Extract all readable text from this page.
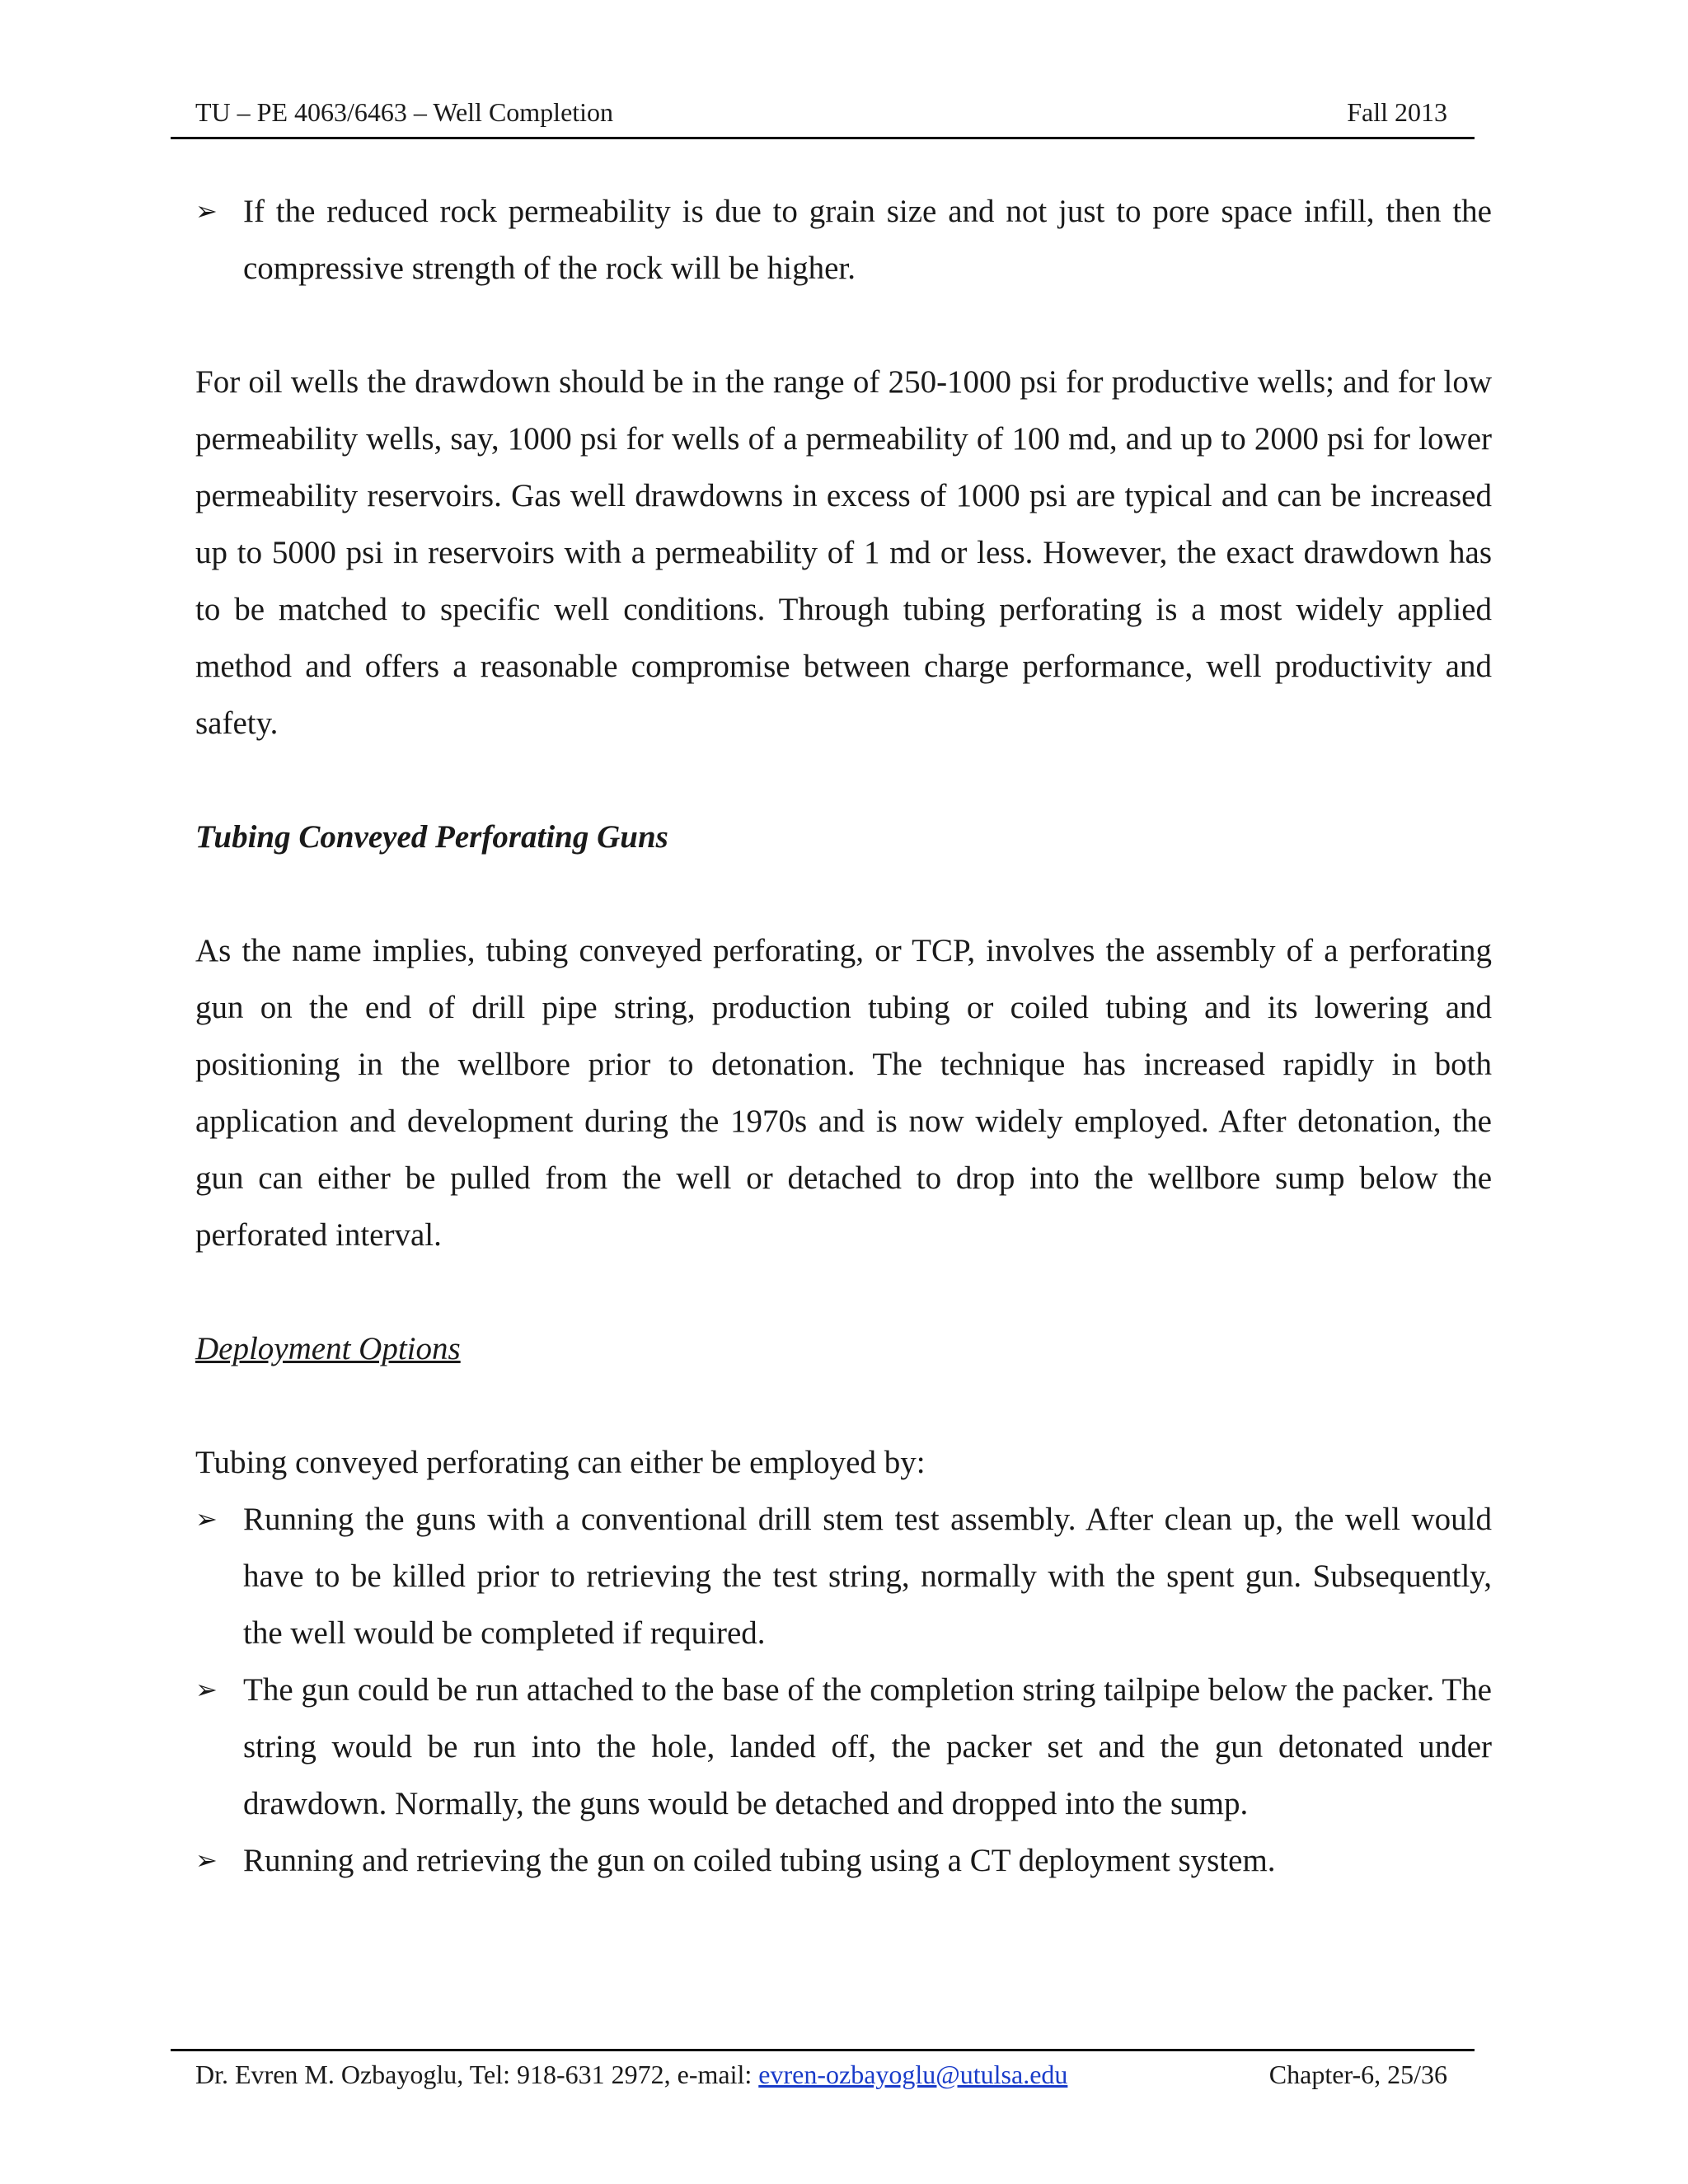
TU – PE 4063/6463 – Well Completion	Fall 2013
➢ If the reduced rock permeability is due to grain size and not just to pore space infill, then the compressive strength of the rock will be higher.

For oil wells the drawdown should be in the range of 250-1000 psi for productive wells; and for low permeability wells, say, 1000 psi for wells of a permeability of 100 md, and up to 2000 psi for lower permeability reservoirs. Gas well drawdowns in excess of 1000 psi are typical and can be increased up to 5000 psi in reservoirs with a permeability of 1 md or less. However, the exact drawdown has to be matched to specific well conditions. Through tubing perforating is a most widely applied method and offers a reasonable compromise between charge performance, well productivity and safety.

Tubing Conveyed Perforating Guns

As the name implies, tubing conveyed perforating, or TCP, involves the assembly of a perforating gun on the end of drill pipe string, production tubing or coiled tubing and its lowering and positioning in the wellbore prior to detonation. The technique has increased rapidly in both application and development during the 1970s and is now widely employed. After detonation, the gun can either be pulled from the well or detached to drop into the wellbore sump below the perforated interval.

Deployment Options
Tubing conveyed perforating can either be employed by:
➢ Running the guns with a conventional drill stem test assembly. After clean up, the well would have to be killed prior to retrieving the test string, normally with the spent gun. Subsequently, the well would be completed if required.
➢ The gun could be run attached to the base of the completion string tailpipe below the packer. The string would be run into the hole, landed off, the packer set and the gun detonated under drawdown. Normally, the guns would be detached and dropped into the sump.
➢ Running and retrieving the gun on coiled tubing using a CT deployment system.
Dr. Evren M. Ozbayoglu, Tel: 918-631 2972, e-mail: evren-ozbayoglu@utulsa.edu	Chapter-6, 25/36
